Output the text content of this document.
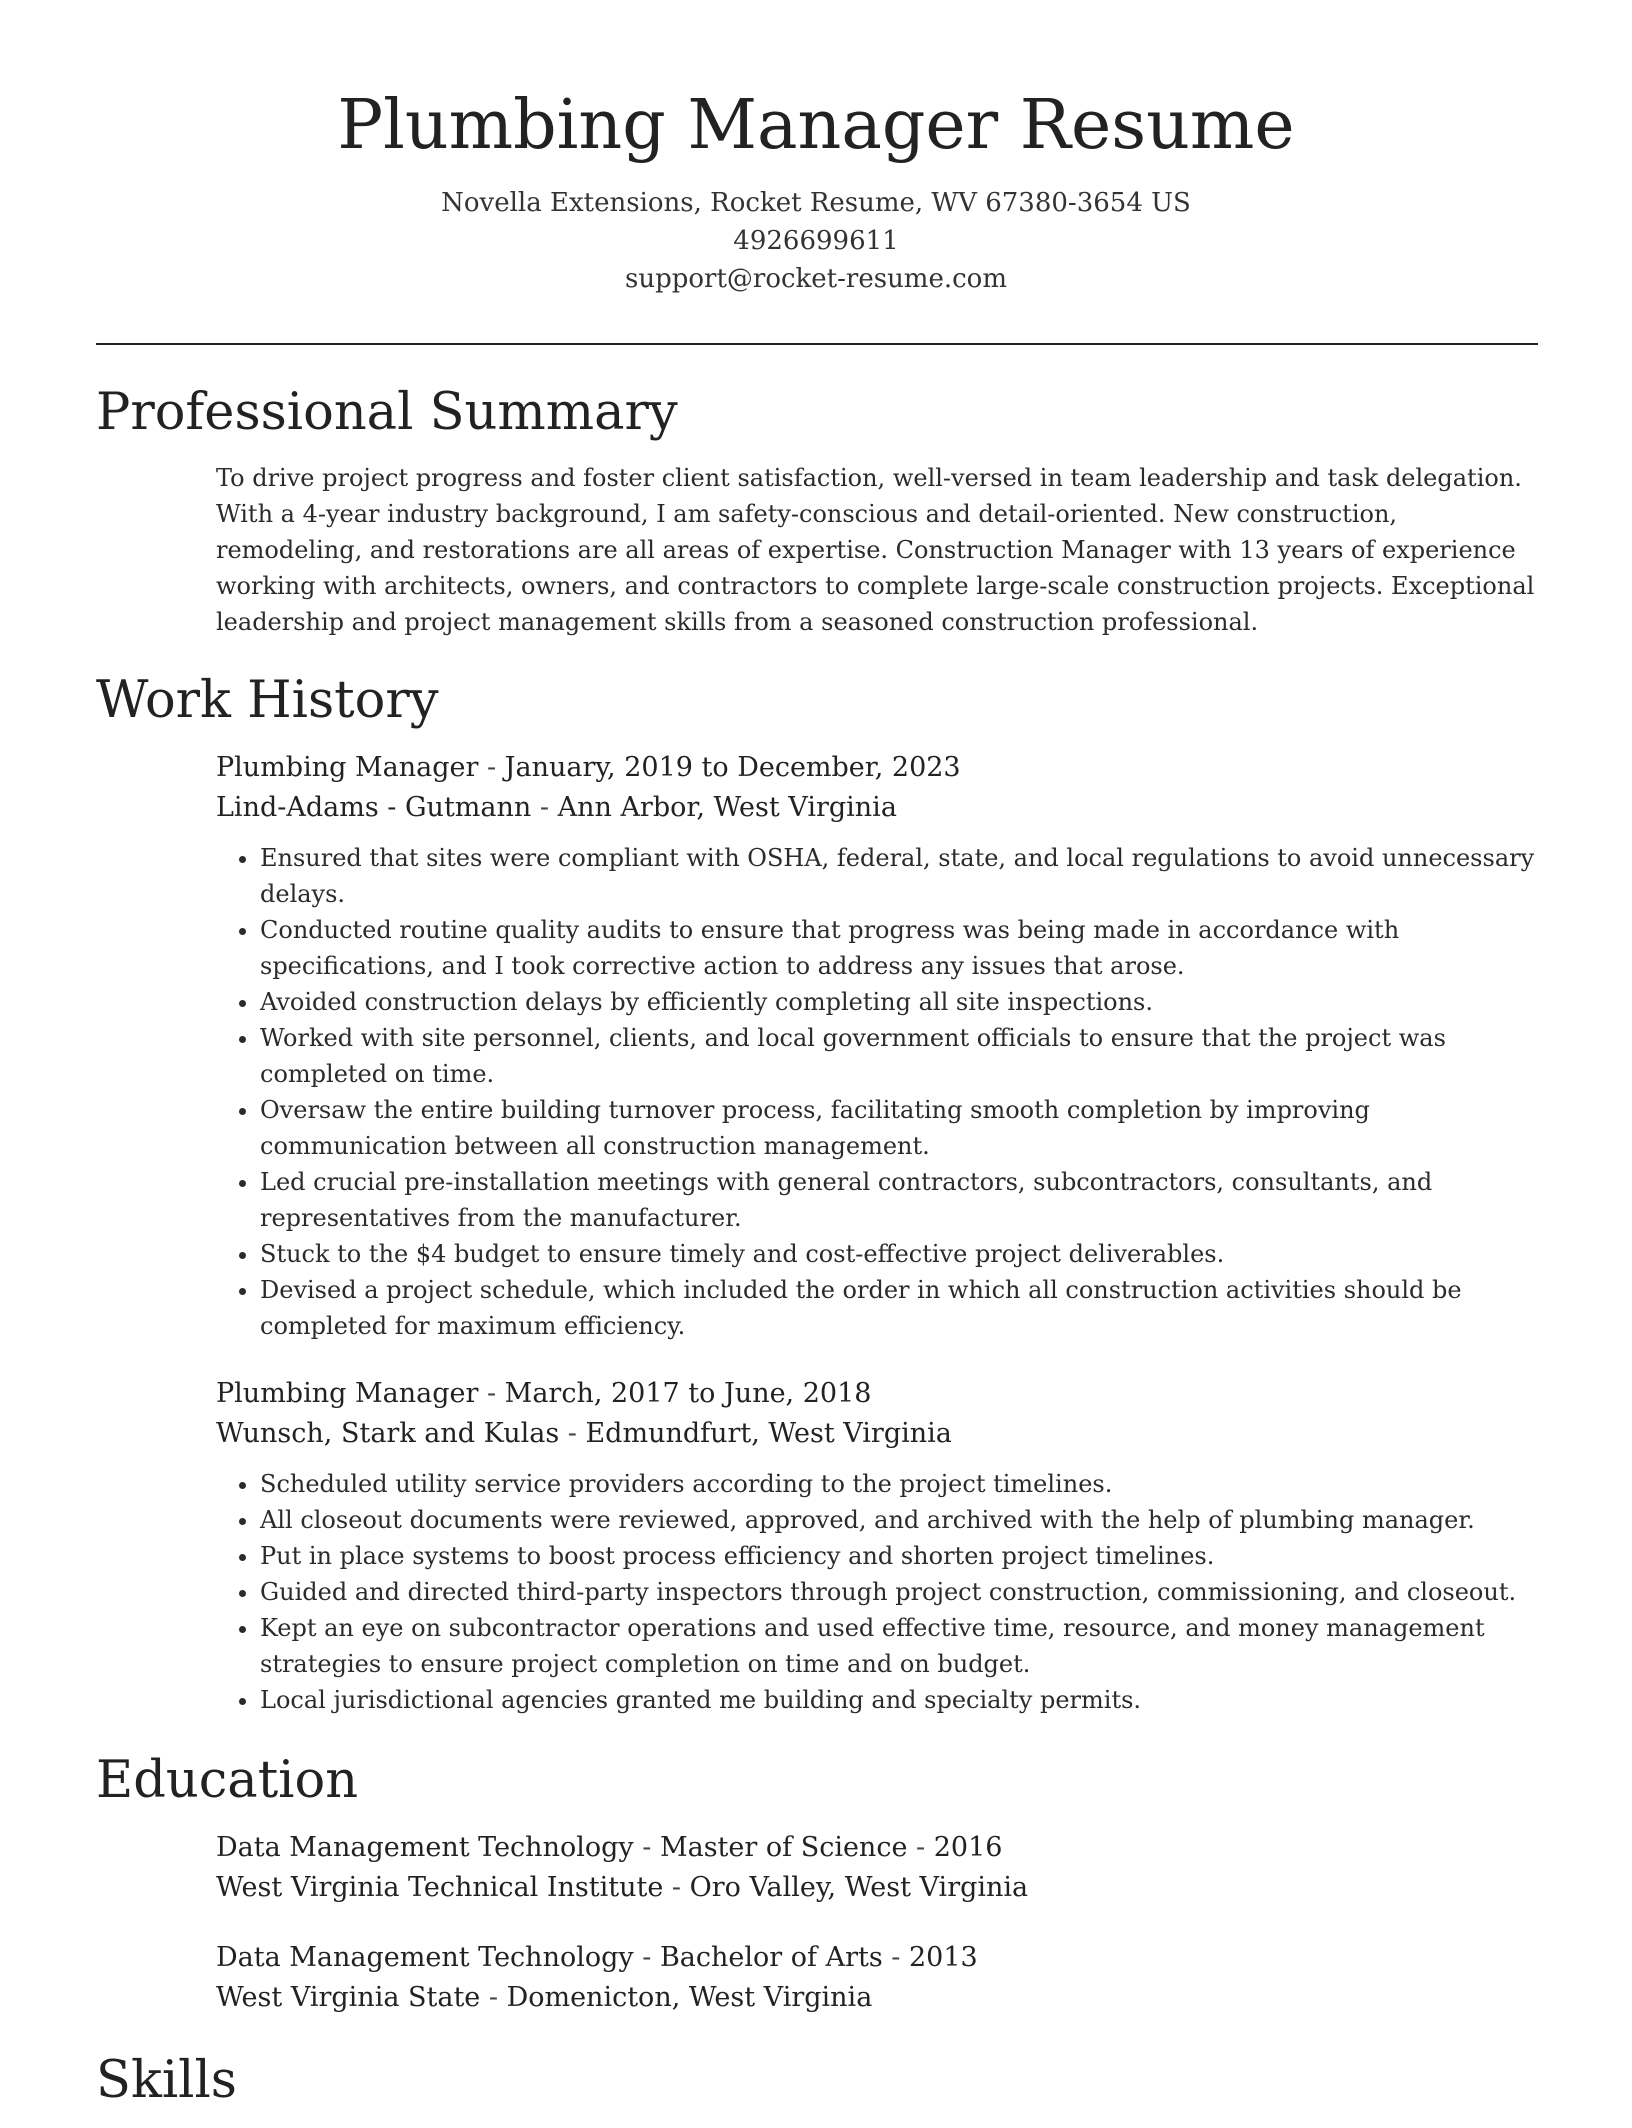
Plumbing Manager Resume
Novella Extensions, Rocket Resume, WV 67380-3654 US
4926699611
support@rocket-resume.com
Professional Summary

To drive project progress and foster client satisfaction, well-versed in team leadership and task delegation. With a 4-year industry background, I am safety-conscious and detail-oriented. New construction, remodeling, and restorations are all areas of expertise. Construction Manager with 13 years of experience working with architects, owners, and contractors to complete large-scale construction projects. Exceptional leadership and project management skills from a seasoned construction professional.

Work History
Plumbing Manager - January, 2019 to December, 2023
Lind-Adams - Gutmann - Ann Arbor, West Virginia
• Ensured that sites were compliant with OSHA, federal, state, and local regulations to avoid unnecessary delays.
• Conducted routine quality audits to ensure that progress was being made in accordance with specifications, and I took corrective action to address any issues that arose.
• Avoided construction delays by efficiently completing all site inspections.
• Worked with site personnel, clients, and local government officials to ensure that the project was completed on time.
• Oversaw the entire building turnover process, facilitating smooth completion by improving communication between all construction management.
• Led crucial pre-installation meetings with general contractors, subcontractors, consultants, and representatives from the manufacturer.
• Stuck to the $4 budget to ensure timely and cost-effective project deliverables.
• Devised a project schedule, which included the order in which all construction activities should be completed for maximum efficiency.
Plumbing Manager - March, 2017 to June, 2018
Wunsch, Stark and Kulas - Edmundfurt, West Virginia
• Scheduled utility service providers according to the project timelines.
• All closeout documents were reviewed, approved, and archived with the help of plumbing manager.
• Put in place systems to boost process efficiency and shorten project timelines.
• Guided and directed third-party inspectors through project construction, commissioning, and closeout.
• Kept an eye on subcontractor operations and used effective time, resource, and money management strategies to ensure project completion on time and on budget.
• Local jurisdictional agencies granted me building and specialty permits.
Education
Data Management Technology - Master of Science - 2016
West Virginia Technical Institute - Oro Valley, West Virginia
Data Management Technology - Bachelor of Arts - 2013
West Virginia State - Domenicton, West Virginia
Skills
